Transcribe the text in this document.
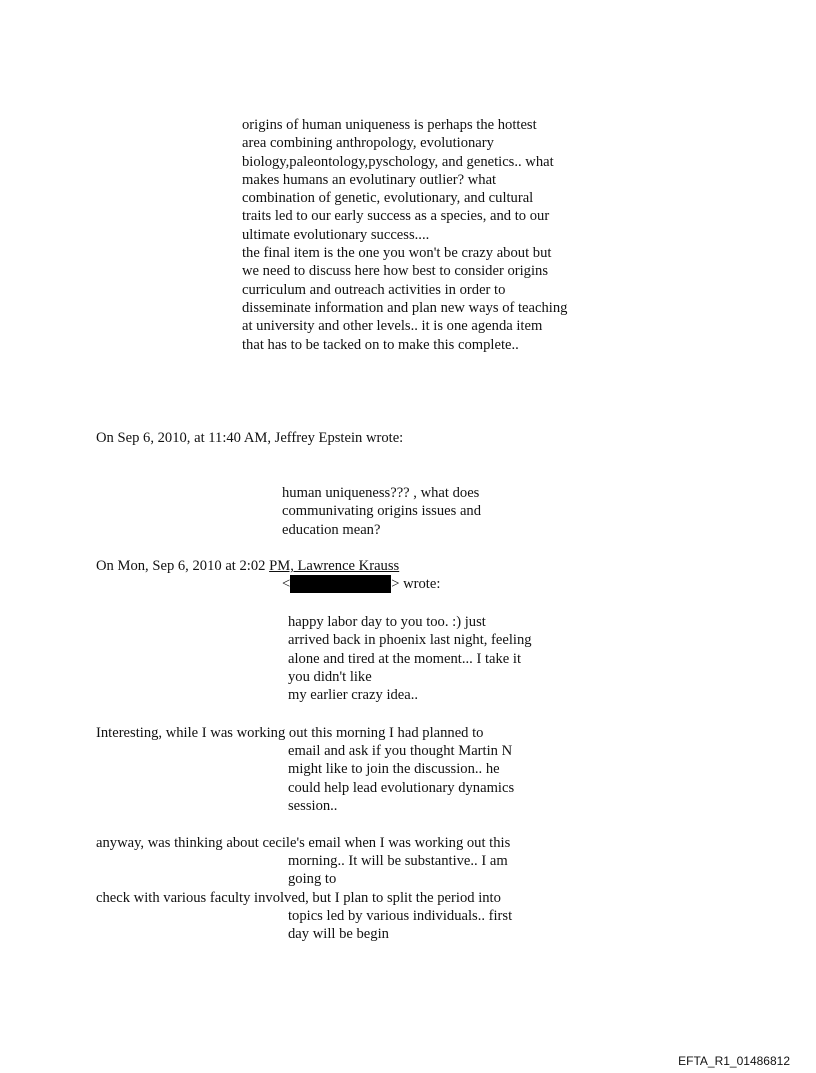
origins of human uniqueness is perhaps the hottest
area combining anthropology, evolutionary
biology,paleontology,pyschology, and genetics.. what
makes humans an evolutinary outlier? what
combination of genetic, evolutionary, and cultural
traits led to our early success as a species, and to our
ultimate evolutionary success....
the final item is the one you won't be crazy about but
we need to discuss here how best to consider origins
curriculum and outreach activities in order to
disseminate information and plan new ways of teaching
at university and other levels.. it is one agenda item
that has to be tacked on to make this complete..
On Sep 6, 2010, at 11:40 AM, Jeffrey Epstein wrote:
human uniqueness??? , what does
communivating origins issues and
education mean?
On Mon, Sep 6, 2010 at 2:02 PM, Lawrence Krauss
<	> wrote:
happy labor day to you too. :) just
arrived back in phoenix last night, feeling
alone and tired at the moment... I take it
you didn't like
my earlier crazy idea..
Interesting, while I was working out this morning I had planned to
email and ask if you thought Martin N
might like to join the discussion.. he
could help lead evolutionary dynamics
session..
anyway, was thinking about cecile's email when I was working out this
morning.. It will be substantive.. I am
going to
check with various faculty involved, but I plan to split the period into
topics led by various individuals.. first
day will be begin
EFTA_R1_01486812
